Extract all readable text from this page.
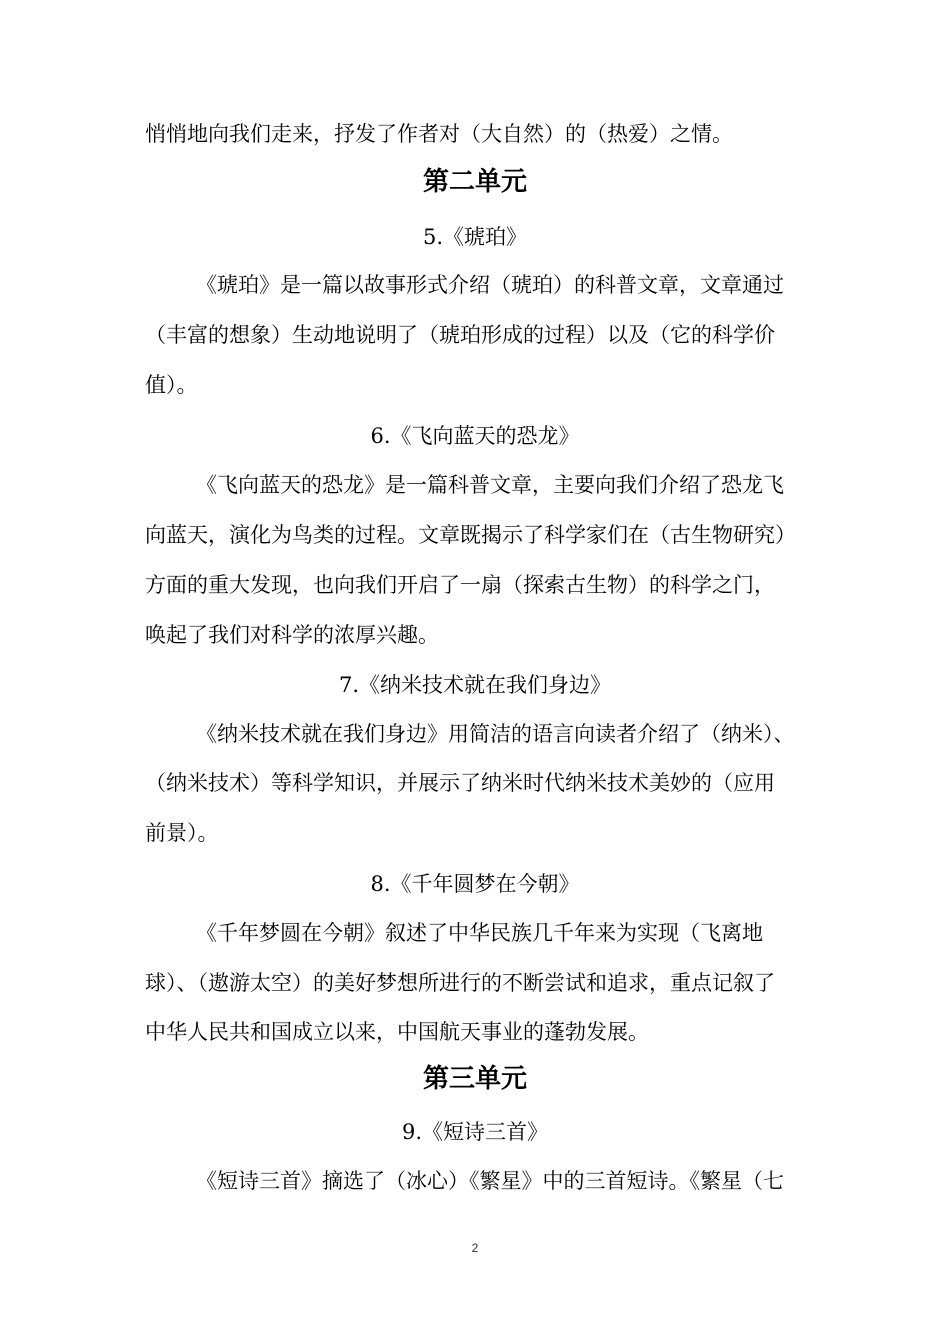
悄悄地向我们走来，抒发了作者对（大自然）的（热爱）之情。
第二单元
5.《琥珀》
《琥珀》是一篇以故事形式介绍（琥珀）的科普文章，文章通过
（丰富的想象）生动地说明了（琥珀形成的过程）以及（它的科学价
值）。
6.《飞向蓝天的恐龙》
《飞向蓝天的恐龙》是一篇科普文章，主要向我们介绍了恐龙飞
向蓝天，演化为鸟类的过程。文章既揭示了科学家们在（古生物研究）
方面的重大发现，也向我们开启了一扇（探索古生物）的科学之门，
唤起了我们对科学的浓厚兴趣。
7.《纳米技术就在我们身边》
《纳米技术就在我们身边》用简洁的语言向读者介绍了（纳米）、
（纳米技术）等科学知识，并展示了纳米时代纳米技术美妙的（应用
前景）。
8.《千年圆梦在今朝》
《千年梦圆在今朝》叙述了中华民族几千年来为实现（飞离地
球）、（遨游太空）的美好梦想所进行的不断尝试和追求，重点记叙了
中华人民共和国成立以来，中国航天事业的蓬勃发展。
第三单元
9.《短诗三首》
《短诗三首》摘选了（冰心）《繁星》中的三首短诗。《繁星（七
2
